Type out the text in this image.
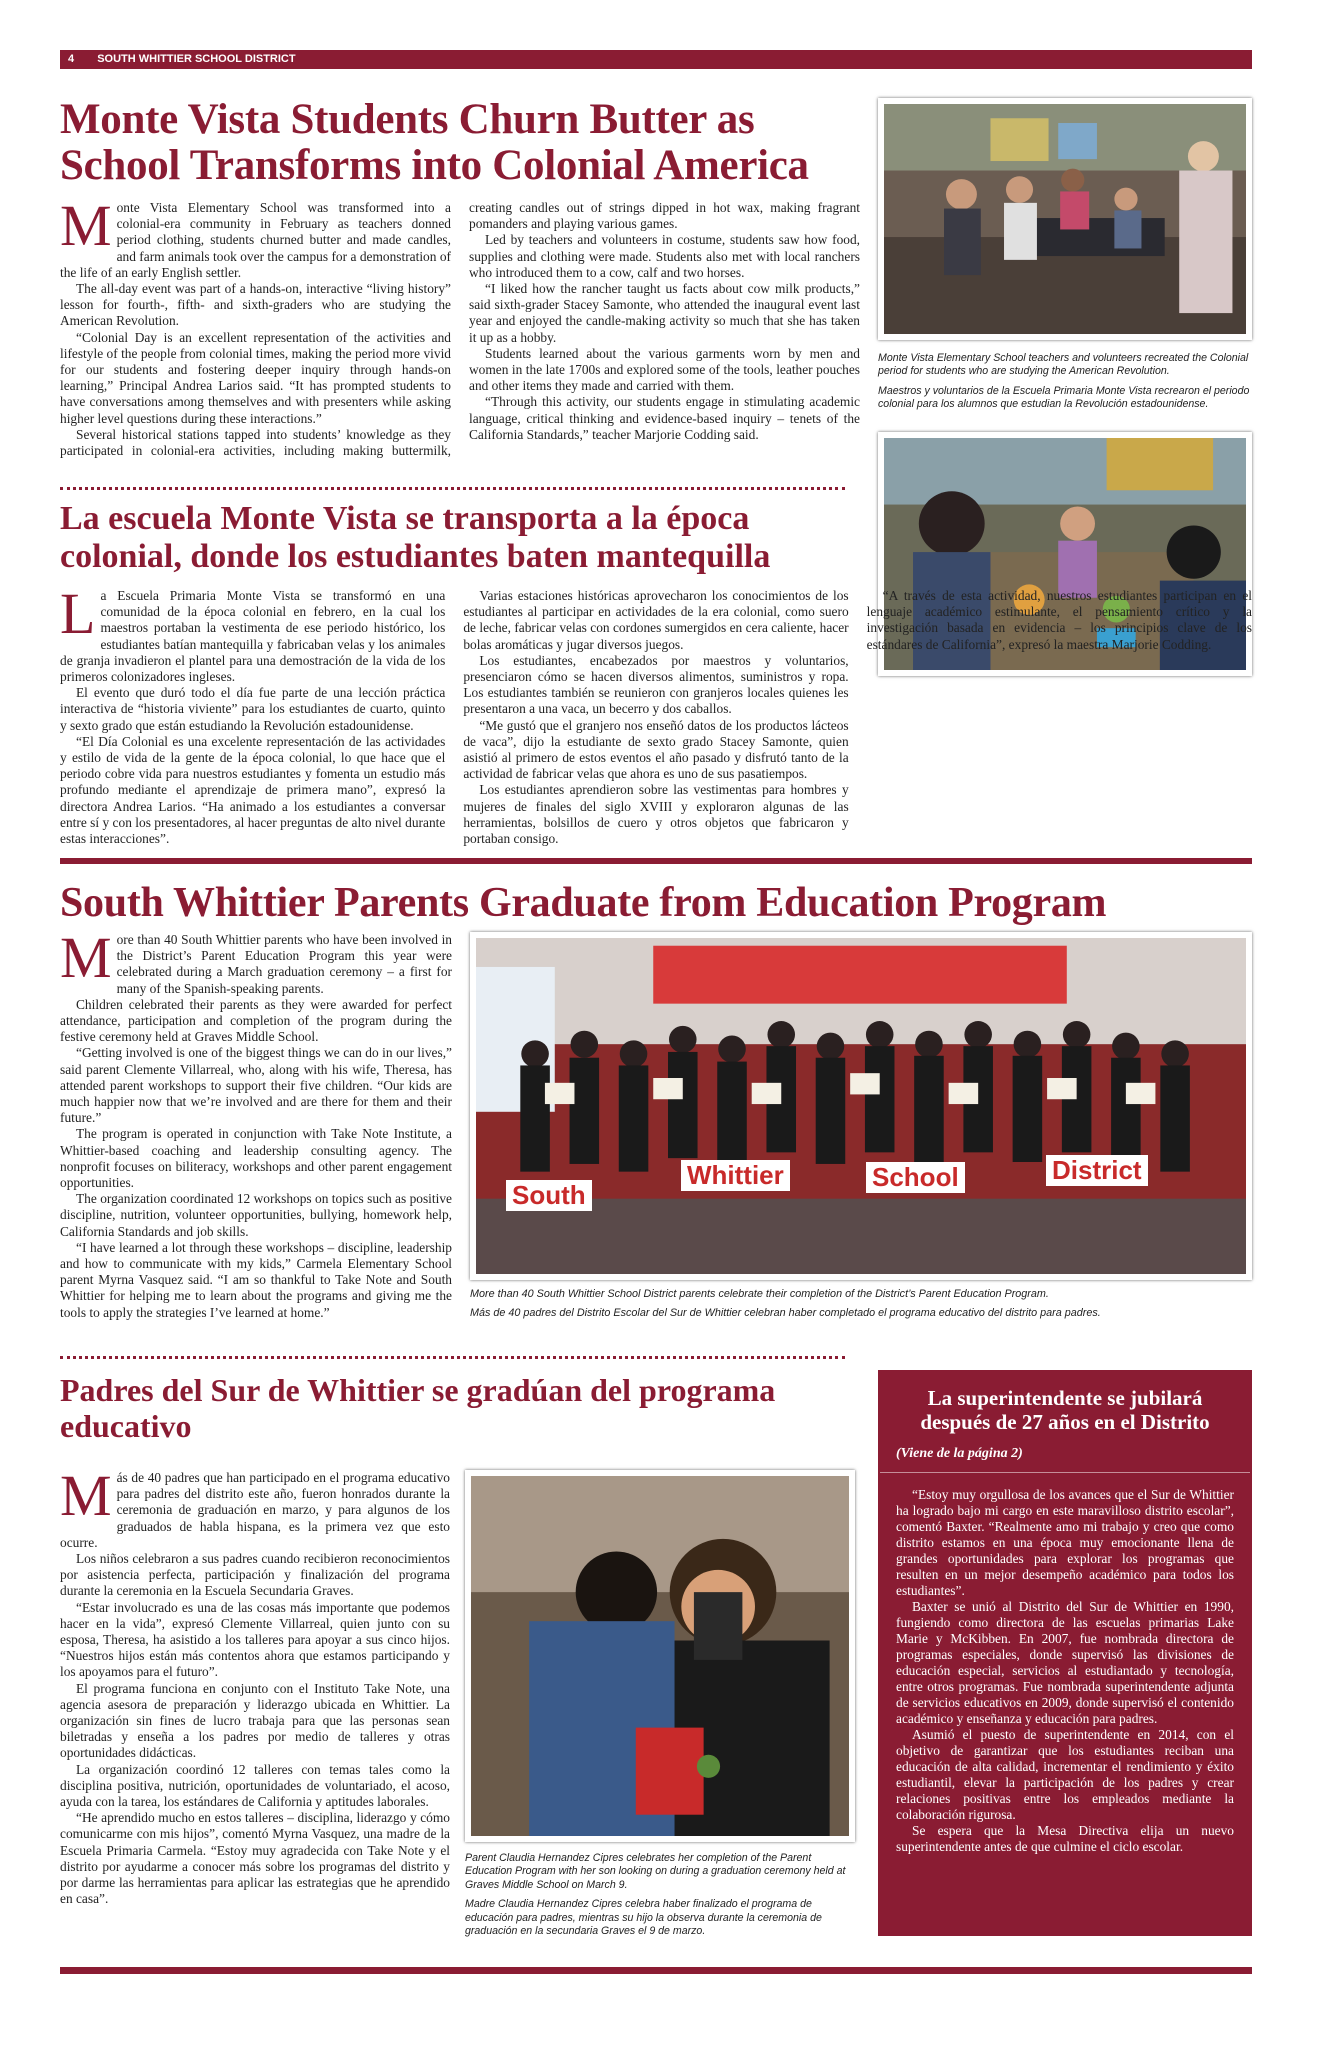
4 SOUTH WHITTIER SCHOOL DISTRICT
Monte Vista Students Churn Butter as School Transforms into Colonial America

Monte Vista Elementary School was transformed into a colonial-era community in February as teachers donned period clothing, students churned butter and made candles, and farm animals took over the campus for a demonstration of the life of an early English settler.

The all-day event was part of a hands-on, interactive “living history” lesson for fourth-, fifth- and sixth-graders who are studying the American Revolution.

“Colonial Day is an excellent representation of the activities and lifestyle of the people from colonial times, making the period more vivid for our students and fostering deeper inquiry through hands-on learning,” Principal Andrea Larios said. “It has prompted students to have conversations among themselves and with presenters while asking higher level questions during these interactions.”

Several historical stations tapped into students’ knowledge as they participated in colonial-era activities, including making buttermilk, creating candles out of strings dipped in hot wax, making fragrant pomanders and playing various games.

Led by teachers and volunteers in costume, students saw how food, supplies and clothing were made. Students also met with local ranchers who introduced them to a cow, calf and two horses.

“I liked how the rancher taught us facts about cow milk products,” said sixth-grader Stacey Samonte, who attended the inaugural event last year and enjoyed the candle-making activity so much that she has taken it up as a hobby.

Students learned about the various garments worn by men and women in the late 1700s and explored some of the tools, leather pouches and other items they made and carried with them.

“Through this activity, our students engage in stimulating academic language, critical thinking and evidence-based inquiry – tenets of the California Standards,” teacher Marjorie Codding said.

Monte Vista Elementary School teachers and volunteers recreated the Colonial period for students who are studying the American Revolution.

Maestros y voluntarios de la Escuela Primaria Monte Vista recrearon el periodo colonial para los alumnos que estudian la Revolución estadounidense.

La escuela Monte Vista se transporta a la época colonial, donde los estudiantes baten mantequilla

La Escuela Primaria Monte Vista se transformó en una comunidad de la época colonial en febrero, en la cual los maestros portaban la vestimenta de ese periodo histórico, los estudiantes batían mantequilla y fabricaban velas y los animales de granja invadieron el plantel para una demostración de la vida de los primeros colonizadores ingleses.

El evento que duró todo el día fue parte de una lección práctica interactiva de “historia viviente” para los estudiantes de cuarto, quinto y sexto grado que están estudiando la Revolución estadounidense.

“El Día Colonial es una excelente representación de las actividades y estilo de vida de la gente de la época colonial, lo que hace que el periodo cobre vida para nuestros estudiantes y fomenta un estudio más profundo mediante el aprendizaje de primera mano”, expresó la directora Andrea Larios. “Ha animado a los estudiantes a conversar entre sí y con los presentadores, al hacer preguntas de alto nivel durante estas interacciones”.

Varias estaciones históricas aprovecharon los conocimientos de los estudiantes al participar en actividades de la era colonial, como suero de leche, fabricar velas con cordones sumergidos en cera caliente, hacer bolas aromáticas y jugar diversos juegos.

Los estudiantes, encabezados por maestros y voluntarios, presenciaron cómo se hacen diversos alimentos, suministros y ropa. Los estudiantes también se reunieron con granjeros locales quienes les presentaron a una vaca, un becerro y dos caballos.

“Me gustó que el granjero nos enseñó datos de los productos lácteos de vaca”, dijo la estudiante de sexto grado Stacey Samonte, quien asistió al primero de estos eventos el año pasado y disfrutó tanto de la actividad de fabricar velas que ahora es uno de sus pasatiempos.

Los estudiantes aprendieron sobre las vestimentas para hombres y mujeres de finales del siglo XVIII y exploraron algunas de las herramientas, bolsillos de cuero y otros objetos que fabricaron y portaban consigo.

“A través de esta actividad, nuestros estudiantes participan en el lenguaje académico estimulante, el pensamiento crítico y la investigación basada en evidencia – los principios clave de los estándares de California”, expresó la maestra Marjorie Codding.

South Whittier Parents Graduate from Education Program

More than 40 South Whittier parents who have been involved in the District’s Parent Education Program this year were celebrated during a March graduation ceremony – a first for many of the Spanish-speaking parents.

Children celebrated their parents as they were awarded for perfect attendance, participation and completion of the program during the festive ceremony held at Graves Middle School.

“Getting involved is one of the biggest things we can do in our lives,” said parent Clemente Villarreal, who, along with his wife, Theresa, has attended parent workshops to support their five children. “Our kids are much happier now that we’re involved and are there for them and their future.”

The program is operated in conjunction with Take Note Institute, a Whittier-based coaching and leadership consulting agency. The nonprofit focuses on biliteracy, workshops and other parent engagement opportunities.

The organization coordinated 12 workshops on topics such as positive discipline, nutrition, volunteer opportunities, bullying, homework help, California Standards and job skills.

“I have learned a lot through these workshops – discipline, leadership and how to communicate with my kids,” Carmela Elementary School parent Myrna Vasquez said. “I am so thankful to Take Note and South Whittier for helping me to learn about the programs and giving me the tools to apply the strategies I’ve learned at home.”

South
Whittier	School	District

More than 40 South Whittier School District parents celebrate their completion of the District’s Parent Education Program.

Más de 40 padres del Distrito Escolar del Sur de Whittier celebran haber completado el programa educativo del distrito para padres.

Padres del Sur de Whittier se gradúan del programa educativo

Más de 40 padres que han participado en el programa educativo para padres del distrito este año, fueron honrados durante la ceremonia de graduación en marzo, y para algunos de los graduados de habla hispana, es la primera vez que esto ocurre.

Los niños celebraron a sus padres cuando recibieron reconocimientos por asistencia perfecta, participación y finalización del programa durante la ceremonia en la Escuela Secundaria Graves.

“Estar involucrado es una de las cosas más importante que podemos hacer en la vida”, expresó Clemente Villarreal, quien junto con su esposa, Theresa, ha asistido a los talleres para apoyar a sus cinco hijos. “Nuestros hijos están más contentos ahora que estamos participando y los apoyamos para el futuro”.

El programa funciona en conjunto con el Instituto Take Note, una agencia asesora de preparación y liderazgo ubicada en Whittier. La organización sin fines de lucro trabaja para que las personas sean biletradas y enseña a los padres por medio de talleres y otras oportunidades didácticas.

La organización coordinó 12 talleres con temas tales como la disciplina positiva, nutrición, oportunidades de voluntariado, el acoso, ayuda con la tarea, los estándares de California y aptitudes laborales.

“He aprendido mucho en estos talleres – disciplina, liderazgo y cómo comunicarme con mis hijos”, comentó Myrna Vasquez, una madre de la Escuela Primaria Carmela. “Estoy muy agradecida con Take Note y el distrito por ayudarme a conocer más sobre los programas del distrito y por darme las herramientas para aplicar las estrategias que he aprendido en casa”.

Parent Claudia Hernandez Cipres celebrates her completion of the Parent Education Program with her son looking on during a graduation ceremony held at Graves Middle School on March 9.

Madre Claudia Hernandez Cipres celebra haber finalizado el programa de educación para padres, mientras su hijo la observa durante la ceremonia de graduación en la secundaria Graves el 9 de marzo.

La superintendente se jubilará después de 27 años en el Distrito
(Viene de la página 2)

“Estoy muy orgullosa de los avances que el Sur de Whittier ha logrado bajo mi cargo en este maravilloso distrito escolar”, comentó Baxter. “Realmente amo mi trabajo y creo que como distrito estamos en una época muy emocionante llena de grandes oportunidades para explorar los programas que resulten en un mejor desempeño académico para todos los estudiantes”.

Baxter se unió al Distrito del Sur de Whittier en 1990, fungiendo como directora de las escuelas primarias Lake Marie y McKibben. En 2007, fue nombrada directora de programas especiales, donde supervisó las divisiones de educación especial, servicios al estudiantado y tecnología, entre otros programas. Fue nombrada superintendente adjunta de servicios educativos en 2009, donde supervisó el contenido académico y enseñanza y educación para padres.

Asumió el puesto de superintendente en 2014, con el objetivo de garantizar que los estudiantes reciban una educación de alta calidad, incrementar el rendimiento y éxito estudiantil, elevar la participación de los padres y crear relaciones positivas entre los empleados mediante la colaboración rigurosa.

Se espera que la Mesa Directiva elija un nuevo superintendente antes de que culmine el ciclo escolar.
